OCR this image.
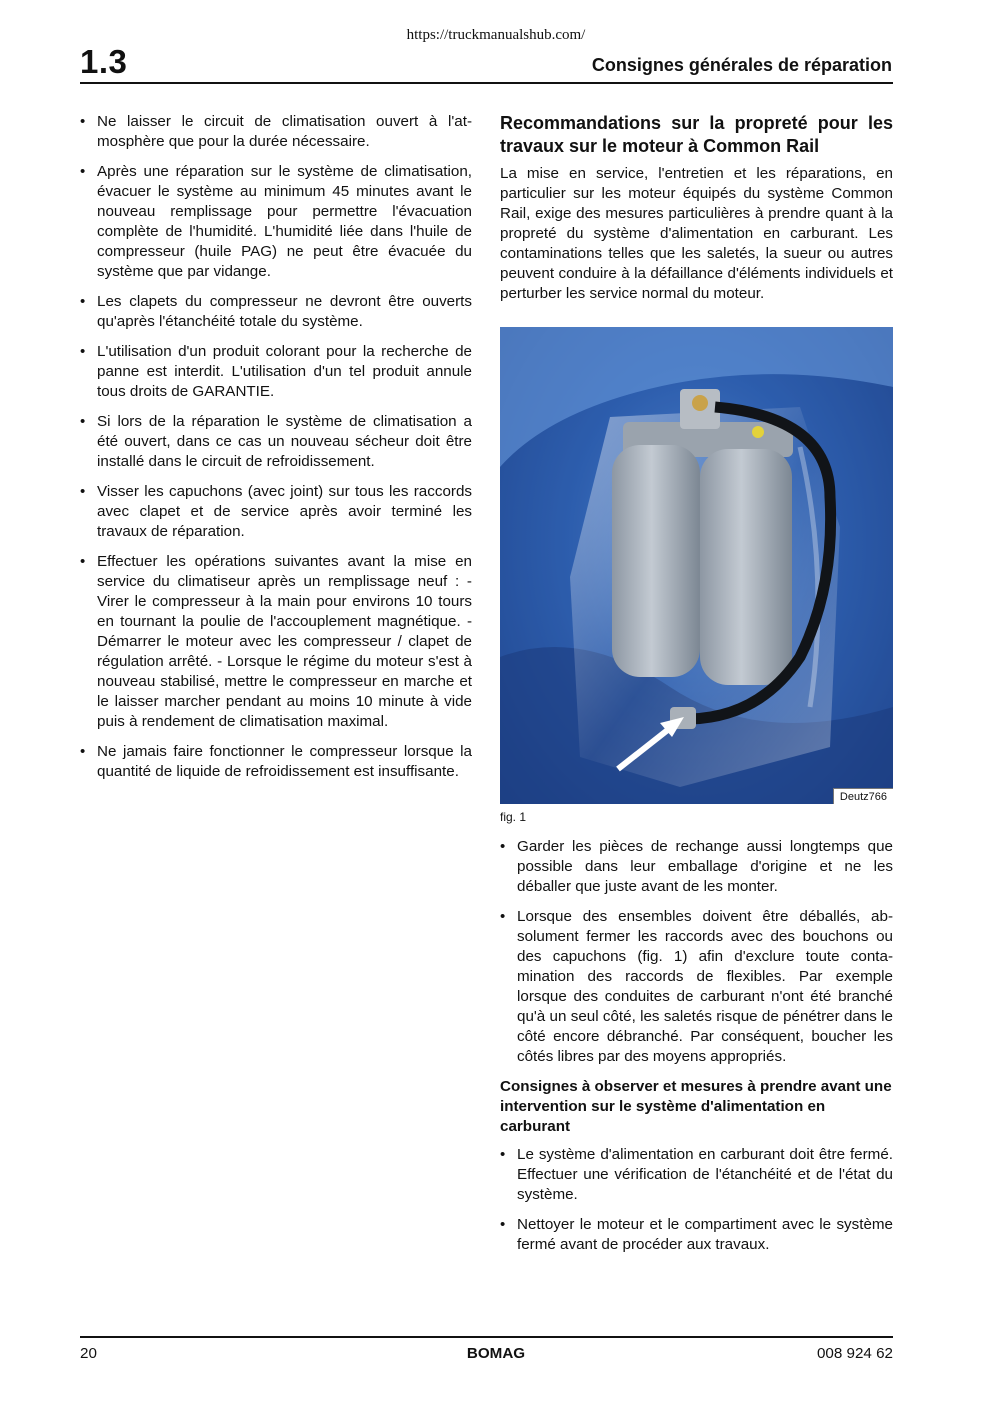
https://truckmanualshub.com/
1.3	Consignes générales de réparation
• Ne laisser le circuit de climatisation ouvert à l'atmosphère que pour la durée nécessaire.
• Après une réparation sur le système de climatisation, évacuer le système au minimum 45 minutes avant le nouveau remplissage pour permettre l'évacuation complète de l'humidité. L'humidité liée dans l'huile de compresseur (huile PAG) ne peut être évacuée du système que par vidange.
• Les clapets du compresseur ne devront être ouverts qu'après l'étanchéité totale du système.
• L'utilisation d'un produit colorant pour la recherche de panne est interdit. L'utilisation d'un tel produit annule tous droits de GARANTIE.
• Si lors de la réparation le système de climatisation a été ouvert, dans ce cas un nouveau sécheur doit être installé dans le circuit de refroidissement.
• Visser les capuchons (avec joint) sur tous les raccords avec clapet et de service après avoir terminé les travaux de réparation.
• Effectuer les opérations suivantes avant la mise en service du climatiseur après un remplissage neuf : - Virer le compresseur à la main pour environs 10 tours en tournant la poulie de l'accouplement magnétique. - Démarrer le moteur avec les compresseur / clapet de régulation arrêté. - Lorsque le régime du moteur s'est à nouveau stabilisé, mettre le compresseur en marche et le laisser marcher pendant au moins 10 minute à vide puis à rendement de climatisation maximal.
• Ne jamais faire fonctionner le compresseur lorsque la quantité de liquide de refroidissement est insuffisante.
Recommandations sur la propreté pour les travaux sur le moteur à Common Rail

La mise en service, l'entretien et les réparations, en particulier sur les moteur équipés du système Common Rail, exige des mesures particulières à prendre quant à la propreté du système d'alimentation en carburant. Les contaminations telles que les saletés, la sueur ou autres peuvent conduire à la défaillance d'éléments individuels et perturber les service normal du moteur.

Deutz766
fig. 1
• Garder les pièces de rechange aussi longtemps que possible dans leur emballage d'origine et ne les déballer que juste avant de les monter.
• Lorsque des ensembles doivent être déballés, absolument fermer les raccords avec des bouchons ou des capuchons (fig. 1) afin d'exclure toute contamination des raccords de flexibles. Par exemple lorsque des conduites de carburant n'ont été branché qu'à un seul côté, les saletés risque de pénétrer dans le côté encore débranché. Par conséquent, boucher les côtés libres par des moyens appropriés.
Consignes à observer et mesures à prendre avant une intervention sur le système d'alimentation en carburant
• Le système d'alimentation en carburant doit être fermé. Effectuer une vérification de l'étanchéité et de l'état du système.
• Nettoyer le moteur et le compartiment avec le système fermé avant de procéder aux travaux.
20	BOMAG	008 924 62
